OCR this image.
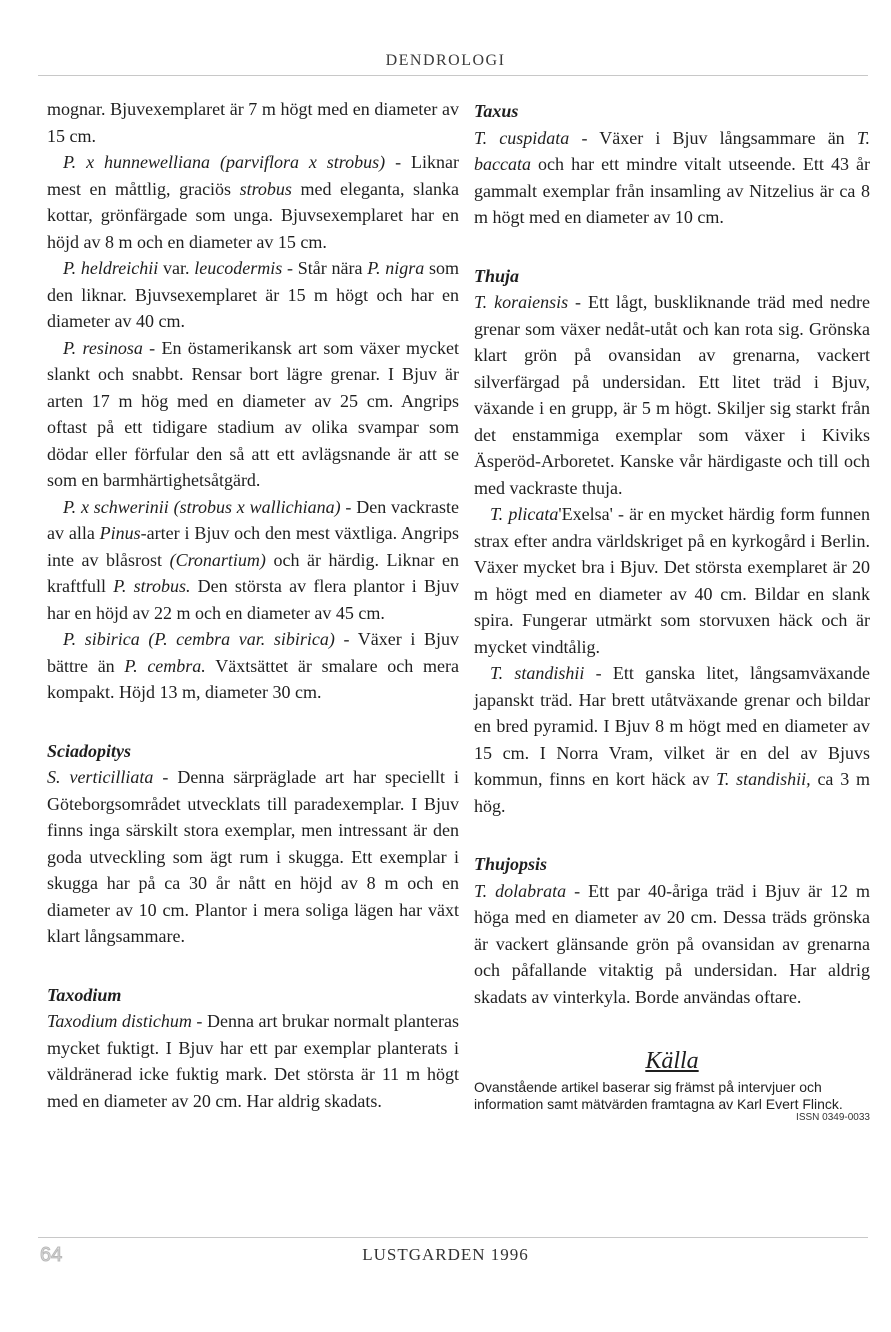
DENDROLOGI

mognar. Bjuvexemplaret är 7 m högt med en diameter av 15 cm.

P. x hunnewelliana (parviflora x strobus) - Liknar mest en måttlig, graciös strobus med eleganta, slanka kottar, grönfärgade som unga. Bjuvsexemplaret har en höjd av 8 m och en diameter av 15 cm.

P. heldreichii var. leucodermis - Står nära P. nigra som den liknar. Bjuvsexemplaret är 15 m högt och har en diameter av 40 cm.

P. resinosa - En östamerikansk art som växer mycket slankt och snabbt. Rensar bort lägre grenar. I Bjuv är arten 17 m hög med en diameter av 25 cm. Angrips oftast på ett tidigare stadium av olika svampar som dödar eller förfular den så att ett avlägsnande är att se som en barmhärtighetsåtgärd.

P. x schwerinii (strobus x wallichiana) - Den vackraste av alla Pinus-arter i Bjuv och den mest växtliga. Angrips inte av blåsrost (Cronartium) och är härdig. Liknar en kraftfull P. strobus. Den största av flera plantor i Bjuv har en höjd av 22 m och en diameter av 45 cm.

P. sibirica (P. cembra var. sibirica) - Växer i Bjuv bättre än P. cembra. Växtsättet är smalare och mera kompakt. Höjd 13 m, diameter 30 cm.

Sciadopitys

S. verticilliata - Denna särpräglade art har speciellt i Göteborgsområdet utvecklats till paradexemplar. I Bjuv finns inga särskilt stora exemplar, men intressant är den goda utveckling som ägt rum i skugga. Ett exemplar i skugga har på ca 30 år nått en höjd av 8 m och en diameter av 10 cm. Plantor i mera soliga lägen har växt klart långsammare.

Taxodium

Taxodium distichum - Denna art brukar normalt planteras mycket fuktigt. I Bjuv har ett par exemplar planterats i väldränerad icke fuktig mark. Det största är 11 m högt med en diameter av 20 cm. Har aldrig skadats.

Taxus

T. cuspidata - Växer i Bjuv långsammare än T. baccata och har ett mindre vitalt utseende. Ett 43 år gammalt exemplar från insamling av Nitzelius är ca 8 m högt med en diameter av 10 cm.

Thuja

T. koraiensis - Ett lågt, buskliknande träd med nedre grenar som växer nedåt-utåt och kan rota sig. Grönska klart grön på ovansidan av grenarna, vackert silverfärgad på undersidan. Ett litet träd i Bjuv, växande i en grupp, är 5 m högt. Skiljer sig starkt från det enstammiga exemplar som växer i Kiviks Äsperöd-Arboretet. Kanske vår härdigaste och till och med vackraste thuja.

T. plicata'Exelsa' - är en mycket härdig form funnen strax efter andra världskriget på en kyrkogård i Berlin. Växer mycket bra i Bjuv. Det största exemplaret är 20 m högt med en diameter av 40 cm. Bildar en slank spira. Fungerar utmärkt som storvuxen häck och är mycket vindtålig.

T. standishii - Ett ganska litet, långsamväxande japanskt träd. Har brett utåtväxande grenar och bildar en bred pyramid. I Bjuv 8 m högt med en diameter av 15 cm. I Norra Vram, vilket är en del av Bjuvs kommun, finns en kort häck av T. standishii, ca 3 m hög.

Thujopsis

T. dolabrata - Ett par 40-åriga träd i Bjuv är 12 m höga med en diameter av 20 cm. Dessa träds grönska är vackert glänsande grön på ovansidan av grenarna och påfallande vitaktig på undersidan. Har aldrig skadats av vinterkyla. Borde användas oftare.

Källa
Ovanstående artikel baserar sig främst på intervjuer och information samt mätvärden framtagna av Karl Evert Flinck.
ISSN 0349-0033
64	LUSTGARDEN 1996
